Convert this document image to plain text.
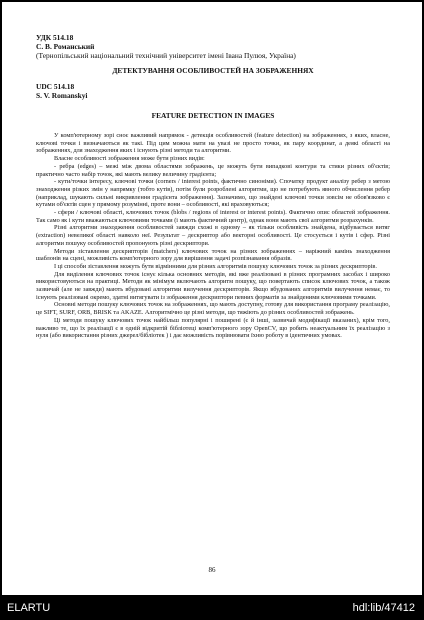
УДК 514.18

С. В. Романський

(Тернопільський національний технічний університет імені Івана Пулюя, Україна)

ДЕТЕКТУВАННЯ ОСОБЛИВОСТЕЙ НА ЗОБРАЖЕННЯХ

UDC 514.18

S. V. Romanskyi

FEATURE DETECTION IN IMAGES

У комп'ютерному зорі сноє важливий напрямок - детекція особливостей (feature detection) на зображеннях, з яких, власне, ключові точки і визначаються як такі. Під цим можна мати на увазі не просто точки, як пару координат, а деякі області на зображеннях, для знаходження яких і існують різні методи та алгоритми.

Власне особливості зображення може бути різних видів:

- ребра (edges) – межі між двома областями зображень, це можуть бути випадкові контури та стики різних об'єктів; практично часто набір точок, які мають велику величину градієнта;

- кути/точки інтересу, ключові точки (corners / interest points, фактично синоніми). Спочатку продукт аналізу ребер з метою знаходження різких змін у напрямку (тобто кутів), потім були розроблені алгоритми, що не потребують явного обчислення ребер (наприклад, шукають сильні викривлення градієнта зображення). Зазначимо, що знайдені ключові точки зовсім не обов'язково є кутами об'єктів сцен у прямому розумінні, проте вони – особливості, які враховуються;

- сфери / ключові області, ключових точок (blobs / regions of interest or interest points). Фактично опис областей зображення. Так само як і кути вважаються ключовими точками (і мають фактичний центр), однак вони мають свої алгоритми розрахунків.

Різні алгоритми знаходження особливостей завжди схожі в одному – як тільки особливість знайдена, відбувається витяг (extraction) невеликої області навколо неї. Результат – дескриптор або векторні особливості. Це стосується і кутів і сфер. Різні алгоритми пошуку особливостей пропонують різні дескриптори.

Методи зіставлення дескрипторів (matchers) ключових точок на різних зображеннях – наріжний камінь знаходження шаблонів на сцені, можливість комп'ютерного зору для вирішення задачі розпізнавання образів.

І ці способи зіставлення можуть бути відмінними для різних алгоритмів пошуку ключових точок за різних дескрипторів.

Для виділення ключових точок існує кілька основних методів, які вже реалізовані в різних програмних засобах і широко використовуються на практиці. Методи як мінімум включають алгоритм пошуку, що повертають список ключових точок, а також зазвичай (але не завжди) мають вбудовані алгоритми вилучення дескрипторів. Якщо вбудованих алгоритмів вилучення немає, то існують реалізовані окремо, здатні витягувати із зображення дескриптори певних форматів за знайденими ключовими точками.

Основні методи пошуку ключових точок на зображеннях, що мають доступну, готову для використання програму реалізацію, це SIFT, SURF, ORB, BRISK та AKAZE. Алгоритмічно це різні методи, що тяжіють до різних особливостей зображень.

Ці методи пошуку ключових точок найбільш популярні і поширені (є й інші, зазвичай модифікації вказаних), крім того, важливо те, що їх реалізації є в одній відкритій бібліотеці комп'ютерного зору OpenCV, що робить неактуальним їх реалізацію з нуля (або використання різних джерел/бібліотек ) і дає можливість порівнювати їхню роботу в ідентичних умовах.

86
ELARTU	hdl:lib/47412
